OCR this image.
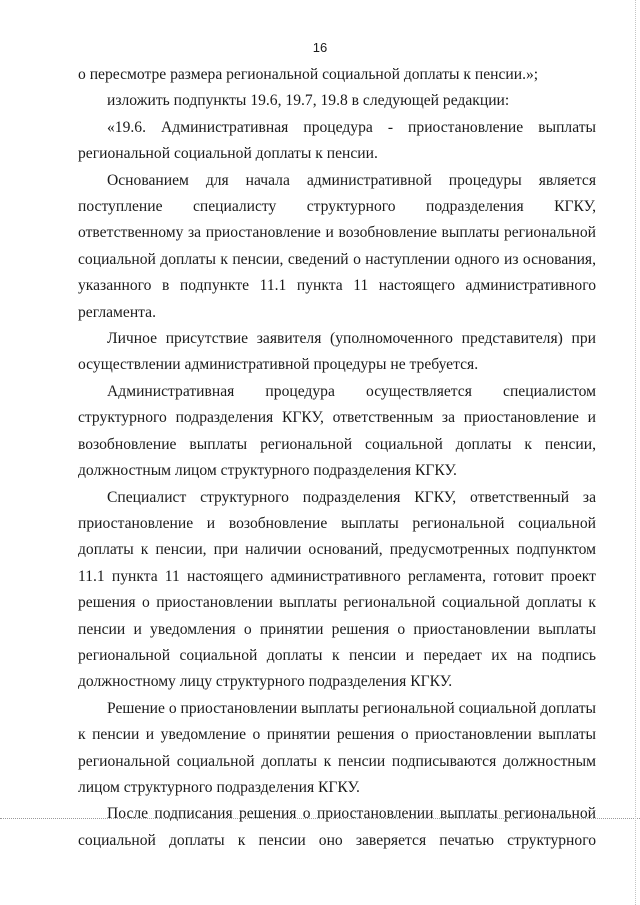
16

о пересмотре размера региональной социальной доплаты к пенсии.»;

изложить подпункты 19.6, 19.7, 19.8 в следующей редакции:

«19.6. Административная процедура - приостановление выплаты региональной социальной доплаты к пенсии.

Основанием для начала административной процедуры является поступление специалисту структурного подразделения КГКУ, ответственному за приостановление и возобновление выплаты региональной социальной доплаты к пенсии, сведений о наступлении одного из основания, указанного в подпункте 11.1 пункта 11 настоящего административного регламента.

Личное присутствие заявителя (уполномоченного представителя) при осуществлении административной процедуры не требуется.

Административная процедура осуществляется специалистом структурного подразделения КГКУ, ответственным за приостановление и возобновление выплаты региональной социальной доплаты к пенсии, должностным лицом структурного подразделения КГКУ.

Специалист структурного подразделения КГКУ, ответственный за приостановление и возобновление выплаты региональной социальной доплаты к пенсии, при наличии оснований, предусмотренных подпунктом 11.1 пункта 11 настоящего административного регламента, готовит проект решения о приостановлении выплаты региональной социальной доплаты к пенсии и уведомления о принятии решения о приостановлении выплаты региональной социальной доплаты к пенсии и передает их на подпись должностному лицу структурного подразделения КГКУ.

Решение о приостановлении выплаты региональной социальной доплаты к пенсии и уведомление о принятии решения о приостановлении выплаты региональной социальной доплаты к пенсии подписываются должностным лицом структурного подразделения КГКУ.

После подписания решения о приостановлении выплаты региональной социальной доплаты к пенсии оно заверяется печатью структурного
